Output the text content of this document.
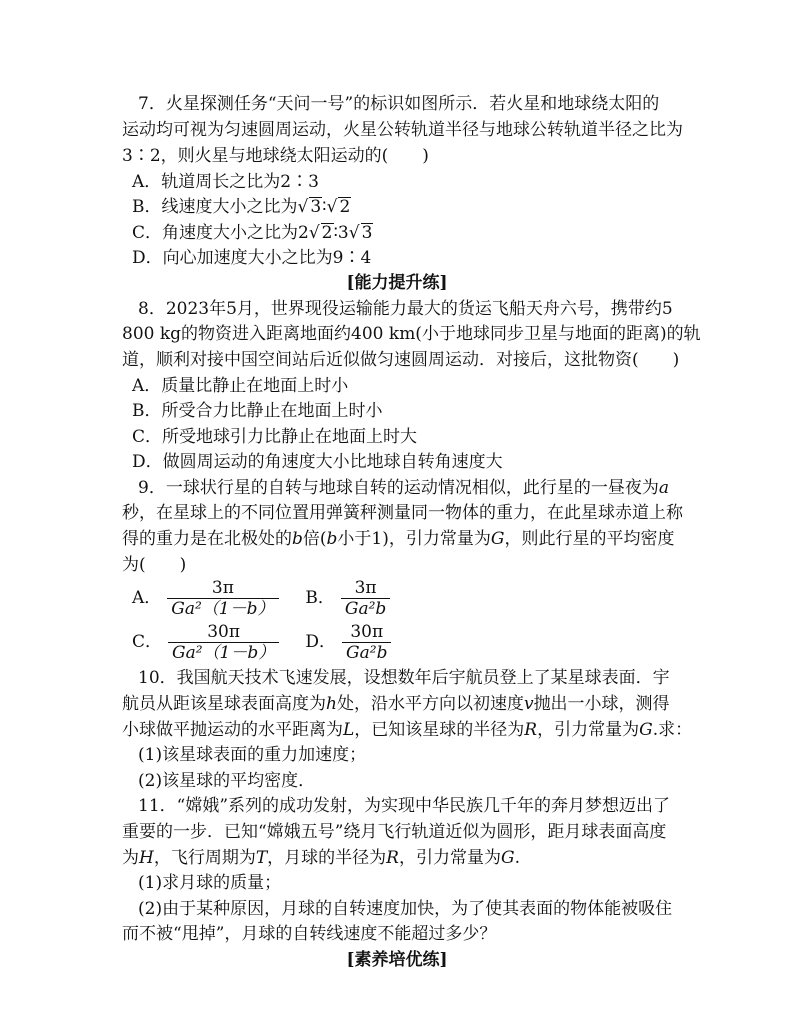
7．火星探测任务“天问一号”的标识如图所示．若火星和地球绕太阳的
运动均可视为匀速圆周运动，火星公转轨道半径与地球公转轨道半径之比为
3∶2，则火星与地球绕太阳运动的(　　)
A．轨道周长之比为2∶3
B．线速度大小之比为√ 3∶√ 2
C．角速度大小之比为2√ 2∶3√ 3
D．向心加速度大小之比为9∶4
[能力提升练]
8．2023年5月，世界现役运输能力最大的货运飞船天舟六号，携带约5
800 kg的物资进入距离地面约400 km(小于地球同步卫星与地面的距离)的轨
道，顺利对接中国空间站后近似做匀速圆周运动．对接后，这批物资(　　)
A．质量比静止在地面上时小
B．所受合力比静止在地面上时小
C．所受地球引力比静止在地面上时大
D．做圆周运动的角速度大小比地球自转角速度大
9．一球状行星的自转与地球自转的运动情况相似，此行星的一昼夜为a
秒，在星球上的不同位置用弹簧秤测量同一物体的重力，在此星球赤道上称
得的重力是在北极处的b倍(b小于1)，引力常量为G，则此行星的平均密度
为(　　)
A． $\frac{3\pi}{\text{Ga²（1－b）}}$ B． $\frac{3\pi}{\text{Ga²b}}$
C． $\frac{30\pi}{\text{Ga²（1－b）}}$ D． $\frac{30\pi}{\text{Ga²b}}$
10．我国航天技术飞速发展，设想数年后宇航员登上了某星球表面．宇
航员从距该星球表面高度为h处，沿水平方向以初速度v抛出一小球，测得
小球做平抛运动的水平距离为L，已知该星球的半径为R，引力常量为G.求：
(1)该星球表面的重力加速度；
(2)该星球的平均密度．
11．“嫦娥”系列的成功发射，为实现中华民族几千年的奔月梦想迈出了
重要的一步．已知“嫦娥五号”绕月飞行轨道近似为圆形，距月球表面高度
为H，飞行周期为T，月球的半径为R，引力常量为G.
(1)求月球的质量；
(2)由于某种原因，月球的自转速度加快，为了使其表面的物体能被吸住
而不被“甩掉”，月球的自转线速度不能超过多少？
[素养培优练]
